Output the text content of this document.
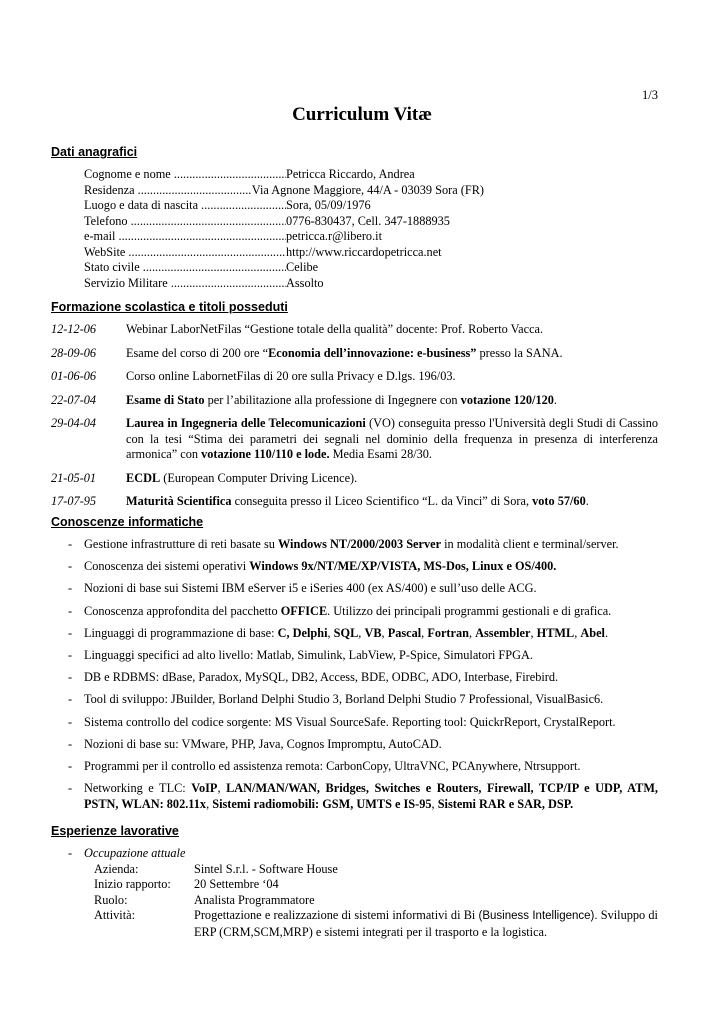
1/3
Curriculum Vitæ
Dati anagrafici
Cognome e nome .....	Petricca Riccardo, Andrea
Residenza .....	Via Agnone Maggiore, 44/A - 03039 Sora (FR)
Luogo e data di nascita .....	Sora, 05/09/1976
Telefono .....	0776-830437, Cell. 347-1888935
e-mail .....	petricca.r@libero.it
WebSite .....	http://www.riccardopetricca.net
Stato civile .....	Celibe
Servizio Militare .....	Assolto
Formazione scolastica e titoli posseduti
12-12-06	Webinar LaborNetFilas “Gestione totale della qualità” docente: Prof. Roberto Vacca.
28-09-06	Esame del corso di 200 ore “Economia dell’innovazione: e-business” presso la SANA.
01-06-06	Corso online LabornetFilas di 20 ore sulla Privacy e D.lgs. 196/03.
22-07-04	Esame di Stato per l’abilitazione alla professione di Ingegnere con votazione 120/120.
29-04-04	Laurea in Ingegneria delle Telecomunicazioni (VO) conseguita presso l'Università degli Studi di Cassino con la tesi “Stima dei parametri dei segnali nel dominio della frequenza in presenza di interferenza armonica” con votazione 110/110 e lode. Media Esami 28/30.
21-05-01	ECDL (European Computer Driving Licence).
17-07-95	Maturità Scientifica conseguita presso il Liceo Scientifico “L. da Vinci” di Sora, voto 57/60.
Conoscenze informatiche
- Gestione infrastrutture di reti basate su Windows NT/2000/2003 Server in modalità client e terminal/server.
- Conoscenza dei sistemi operativi Windows 9x/NT/ME/XP/VISTA, MS-Dos, Linux e OS/400.
- Nozioni di base sui Sistemi IBM eServer i5 e iSeries 400 (ex AS/400) e sull’uso delle ACG.
- Conoscenza approfondita del pacchetto OFFICE. Utilizzo dei principali programmi gestionali e di grafica.
- Linguaggi di programmazione di base: C, Delphi, SQL, VB, Pascal, Fortran, Assembler, HTML, Abel.
- Linguaggi specifici ad alto livello: Matlab, Simulink, LabView, P-Spice, Simulatori FPGA.
- DB e RDBMS: dBase, Paradox, MySQL, DB2, Access, BDE, ODBC, ADO, Interbase, Firebird.
- Tool di sviluppo: JBuilder, Borland Delphi Studio 3, Borland Delphi Studio 7 Professional, VisualBasic6.
- Sistema controllo del codice sorgente: MS Visual SourceSafe. Reporting tool: QuickrReport, CrystalReport.
- Nozioni di base su: VMware, PHP, Java, Cognos Impromptu, AutoCAD.
- Programmi per il controllo ed assistenza remota: CarbonCopy, UltraVNC, PCAnywhere, Ntrsupport.
- Networking e TLC: VoIP, LAN/MAN/WAN, Bridges, Switches e Routers, Firewall, TCP/IP e UDP, ATM, PSTN, WLAN: 802.11x, Sistemi radiomobili: GSM, UMTS e IS-95, Sistemi RAR e SAR, DSP.
Esperienze lavorative
- Occupazione attuale
Azienda:	Sintel S.r.l. - Software House
Inizio rapporto:	20 Settembre ‘04
Ruolo:	Analista Programmatore
Attività:	Progettazione e realizzazione di sistemi informativi di Bi (Business Intelligence). Sviluppo di ERP (CRM,SCM,MRP) e sistemi integrati per il trasporto e la logistica.
